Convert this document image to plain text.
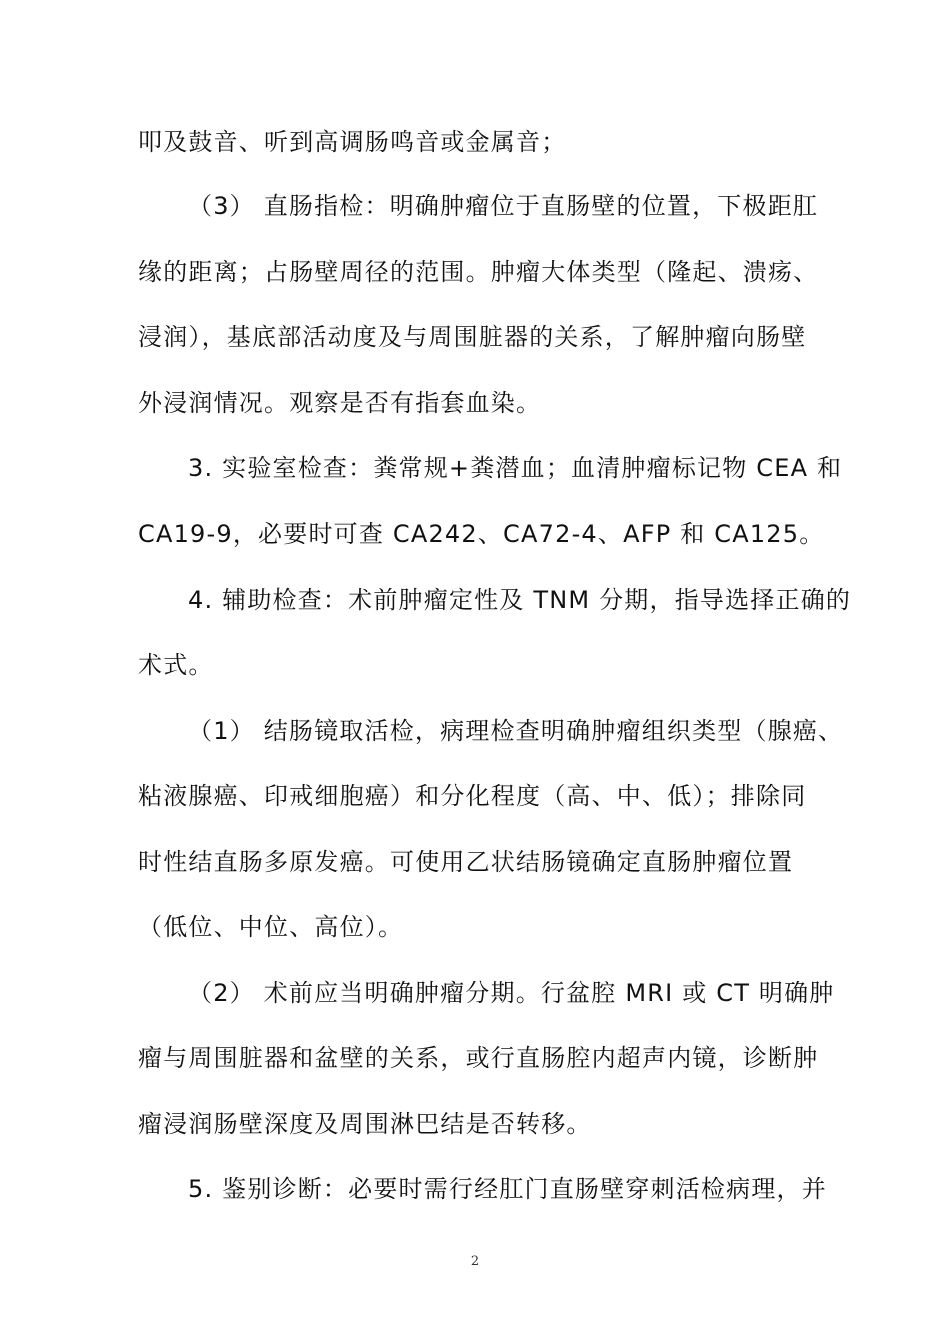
叩及鼓音、听到高调肠鸣音或金属音；
（3） 直肠指检：明确肿瘤位于直肠壁的位置，下极距肛
缘的距离；占肠壁周径的范围。肿瘤大体类型（隆起、溃疡、
浸润），基底部活动度及与周围脏器的关系，了解肿瘤向肠壁
外浸润情况。观察是否有指套血染。
3. 实验室检查：粪常规+粪潜血；血清肿瘤标记物 CEA 和
CA19-9，必要时可查 CA242、CA72-4、AFP 和 CA125。
4. 辅助检查：术前肿瘤定性及 TNM 分期，指导选择正确的
术式。
（1） 结肠镜取活检，病理检查明确肿瘤组织类型（腺癌、
粘液腺癌、印戒细胞癌）和分化程度（高、中、低）；排除同
时性结直肠多原发癌。可使用乙状结肠镜确定直肠肿瘤位置
（低位、中位、高位）。
（2） 术前应当明确肿瘤分期。行盆腔 MRI 或 CT 明确肿
瘤与周围脏器和盆壁的关系，或行直肠腔内超声内镜，诊断肿
瘤浸润肠壁深度及周围淋巴结是否转移。
5. 鉴别诊断：必要时需行经肛门直肠壁穿刺活检病理，并
2
